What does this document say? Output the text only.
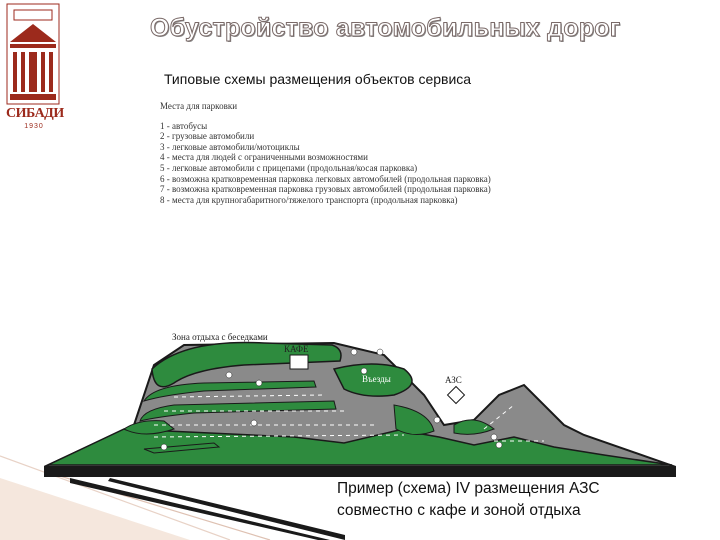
СИБАДИ
1930
Обустройство автомобильных дорог
Типовые схемы размещения объектов сервиса
Места для парковки
1 - автобусы
2 - грузовые автомобили
3 - легковые автомобили/мотоциклы
4 - места для людей с ограниченными возможностями
5 - легковые автомобили с прицепами (продольная/косая парковка)
6 - возможна кратковременная парковка легковых автомобилей (продольная парковка)
7 - возможна кратковременная парковка грузовых автомобилей (продольная парковка)
8 - места для крупногабаритного/тяжелого транспорта (продольная парковка)
Зона отдыха с беседками
КАФЕ
Въезды	АЗС
Пример (схема) IV размещения АЗС
совместно с кафе и зоной отдыха
